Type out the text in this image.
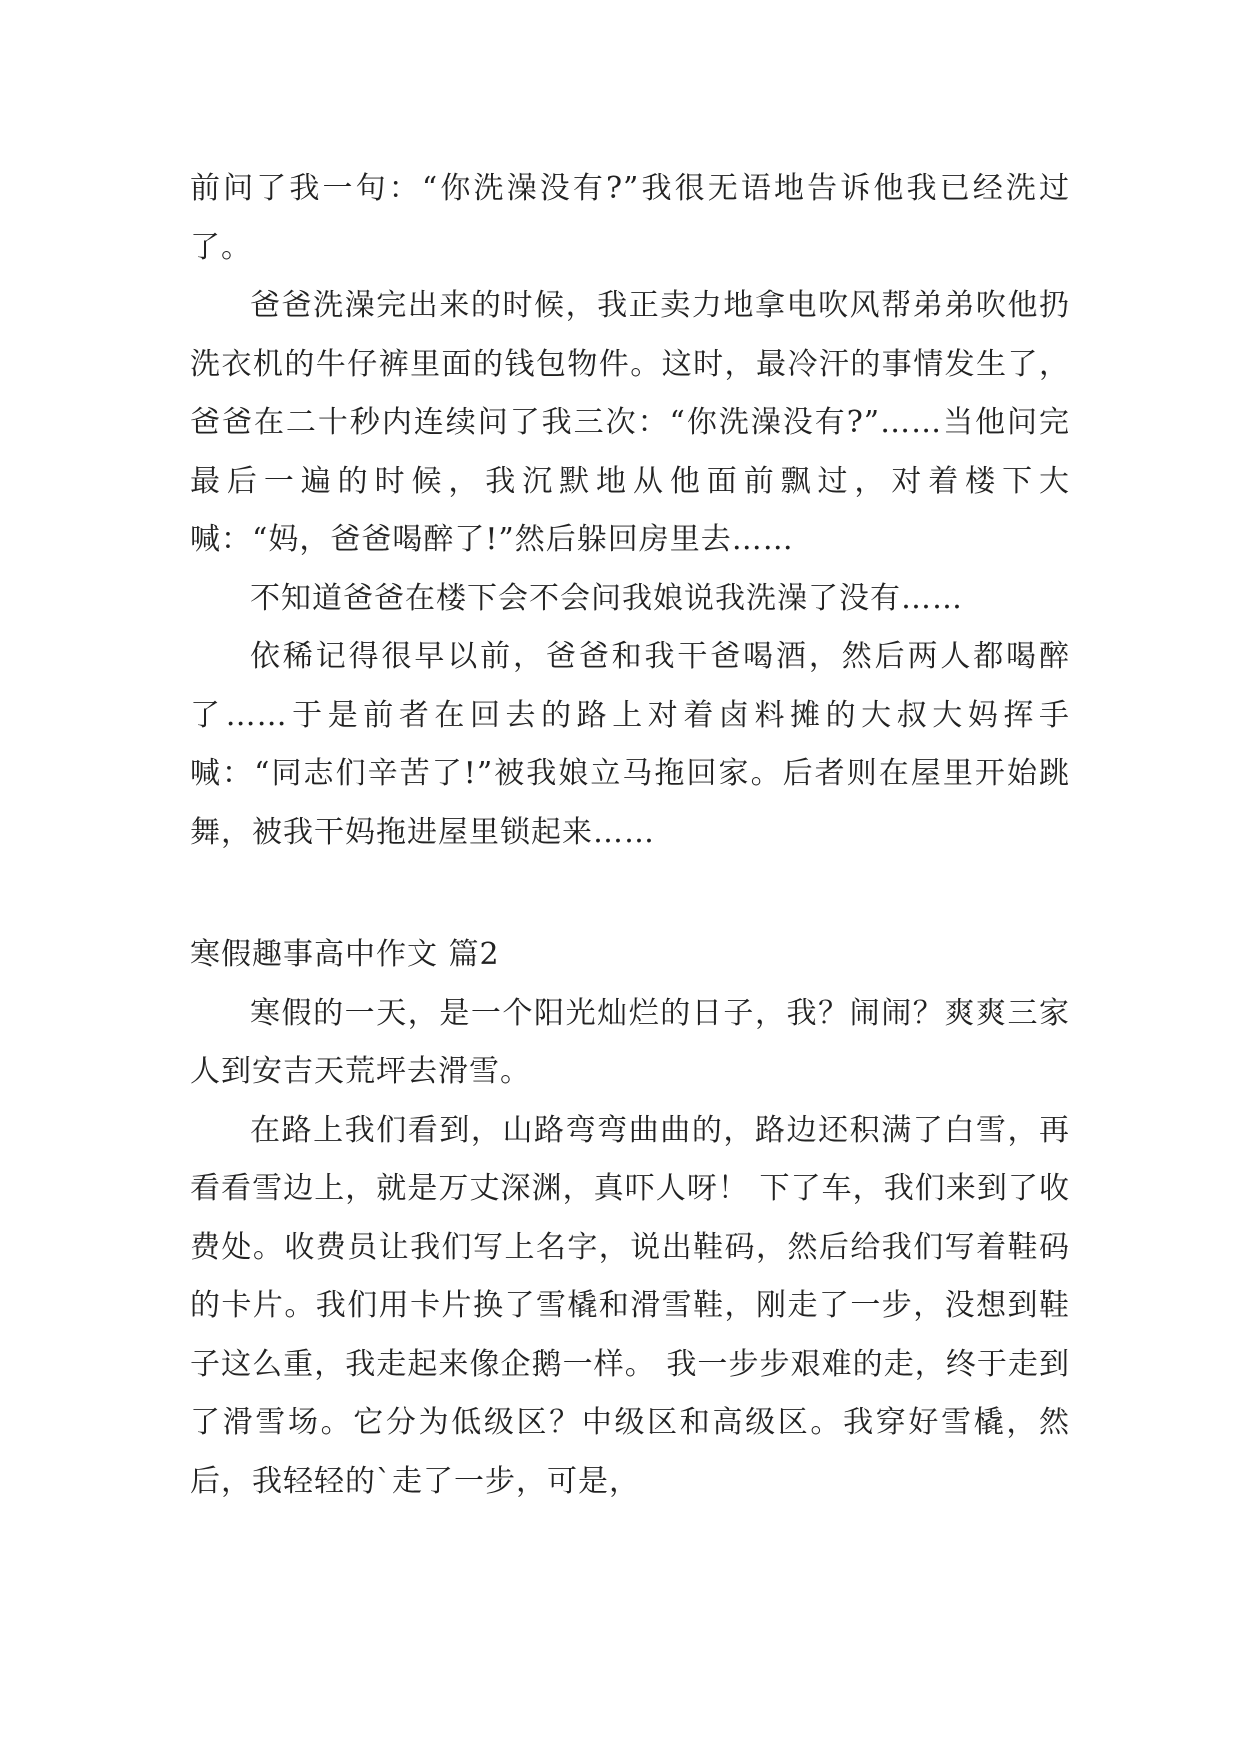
前问了我一句：“你洗澡没有?”我很无语地告诉他我已经洗过了。

爸爸洗澡完出来的时候，我正卖力地拿电吹风帮弟弟吹他扔洗衣机的牛仔裤里面的钱包物件。这时，最冷汗的事情发生了，爸爸在二十秒内连续问了我三次：“你洗澡没有?”……当他问完最后一遍的时候，我沉默地从他面前飘过，对着楼下大喊：“妈，爸爸喝醉了!”然后躲回房里去……

不知道爸爸在楼下会不会问我娘说我洗澡了没有……

依稀记得很早以前，爸爸和我干爸喝酒，然后两人都喝醉了……于是前者在回去的路上对着卤料摊的大叔大妈挥手喊：“同志们辛苦了!”被我娘立马拖回家。后者则在屋里开始跳舞，被我干妈拖进屋里锁起来……

寒假趣事高中作文 篇2

寒假的一天，是一个阳光灿烂的日子，我？闹闹？爽爽三家人到安吉天荒坪去滑雪。

在路上我们看到，山路弯弯曲曲的，路边还积满了白雪，再看看雪边上，就是万丈深渊，真吓人呀！ 下了车，我们来到了收费处。收费员让我们写上名字，说出鞋码，然后给我们写着鞋码的卡片。我们用卡片换了雪橇和滑雪鞋，刚走了一步，没想到鞋子这么重，我走起来像企鹅一样。 我一步步艰难的走，终于走到了滑雪场。它分为低级区？中级区和高级区。我穿好雪橇，然后，我轻轻的`走了一步，可是，
